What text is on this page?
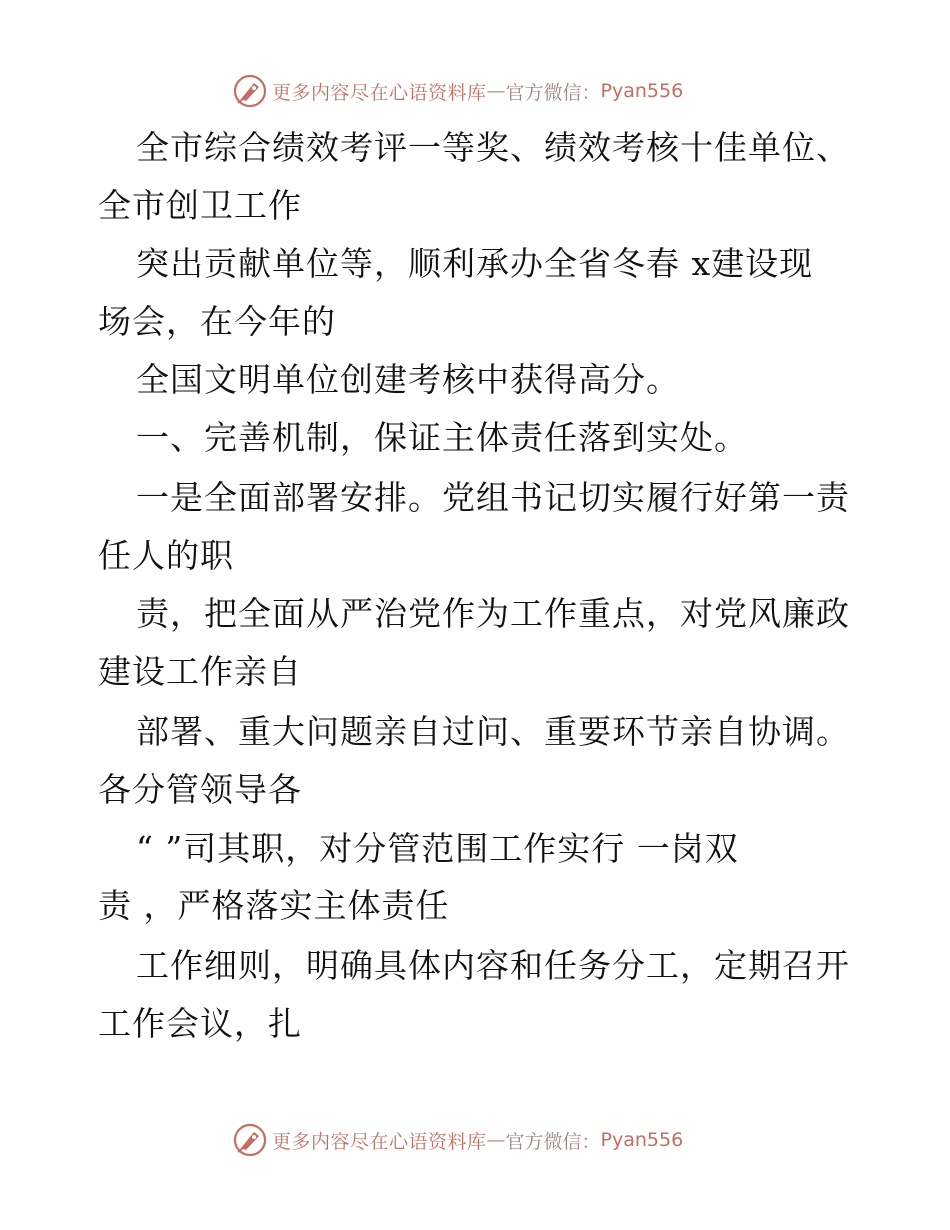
更多内容尽在心语资料库 — 官方微信： Pyan556
全市综合绩效考评一等奖、绩效考核十佳单位、
全市创卫工作
突出贡献单位等，顺利承办全省冬春 x建设现
场会，在今年的
全国文明单位创建考核中获得高分。
一、完善机制，保证主体责任落到实处。
一是全面部署安排。党组书记切实履行好第一责
任人的职
责，把全面从严治党作为工作重点，对党风廉政
建设工作亲自
部署、重大问题亲自过问、重要环节亲自协调。
各分管领导各
“ ”司其职，对分管范围工作实行 一岗双
责 ，严格落实主体责任
工作细则，明确具体内容和任务分工，定期召开
工作会议，扎
更多内容尽在心语资料库 — 官方微信： Pyan556
